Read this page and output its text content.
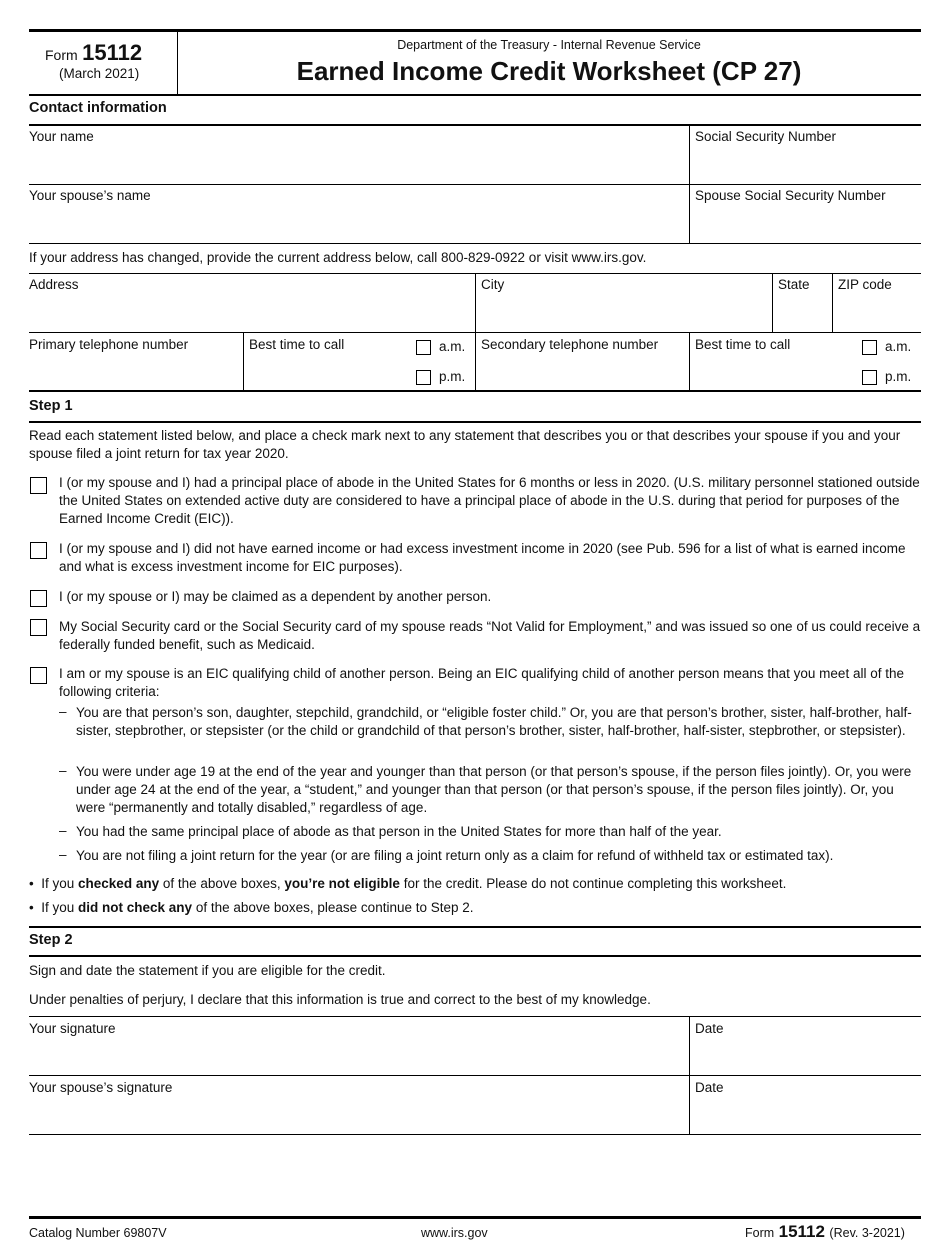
Form 15112
(March 2021)
Department of the Treasury - Internal Revenue Service
Earned Income Credit Worksheet (CP 27)
Contact information
Your name	Social Security Number
Your spouse’s name	Spouse Social Security Number
If your address has changed, provide the current address below, call 800-829-0922 or visit www.irs.gov.
Address	City	State ZIP code
Primary telephone number	Best time to call	a.m.
p.m.
Secondary telephone number	Best time to call	a.m.
p.m.
Step 1
Read each statement listed below, and place a check mark next to any statement that describes you or that describes your spouse if you and your spouse filed a joint return for tax year 2020.
I (or my spouse and I) had a principal place of abode in the United States for 6 months or less in 2020. (U.S. military personnel stationed outside the United States on extended active duty are considered to have a principal place of abode in the U.S. during that period for purposes of the Earned Income Credit (EIC)).
I (or my spouse and I) did not have earned income or had excess investment income in 2020 (see Pub. 596 for a list of what is earned income and what is excess investment income for EIC purposes).
I (or my spouse or I) may be claimed as a dependent by another person.
My Social Security card or the Social Security card of my spouse reads “Not Valid for Employment,” and was issued so one of us could receive a federally funded benefit, such as Medicaid.
I am or my spouse is an EIC qualifying child of another person. Being an EIC qualifying child of another person means that you meet all of the following criteria:
– You are that person’s son, daughter, stepchild, grandchild, or “eligible foster child.” Or, you are that person’s brother, sister, half-brother, half-sister, stepbrother, or stepsister (or the child or grandchild of that person’s brother, sister, half-brother, half-sister, stepbrother, or stepsister).
– You were under age 19 at the end of the year and younger than that person (or that person’s spouse, if the person files jointly). Or, you were under age 24 at the end of the year, a “student,” and younger than that person (or that person’s spouse, if the person files jointly). Or, you were “permanently and totally disabled,” regardless of age.
– You had the same principal place of abode as that person in the United States for more than half of the year.
– You are not filing a joint return for the year (or are filing a joint return only as a claim for refund of withheld tax or estimated tax).
• If you checked any of the above boxes, you’re not eligible for the credit. Please do not continue completing this worksheet.
• If you did not check any of the above boxes, please continue to Step 2.
Step 2
Sign and date the statement if you are eligible for the credit.
Under penalties of perjury, I declare that this information is true and correct to the best of my knowledge.
Your signature	Date
Your spouse’s signature	Date
Catalog Number 69807V	www.irs.gov	Form 15112 (Rev. 3-2021)
